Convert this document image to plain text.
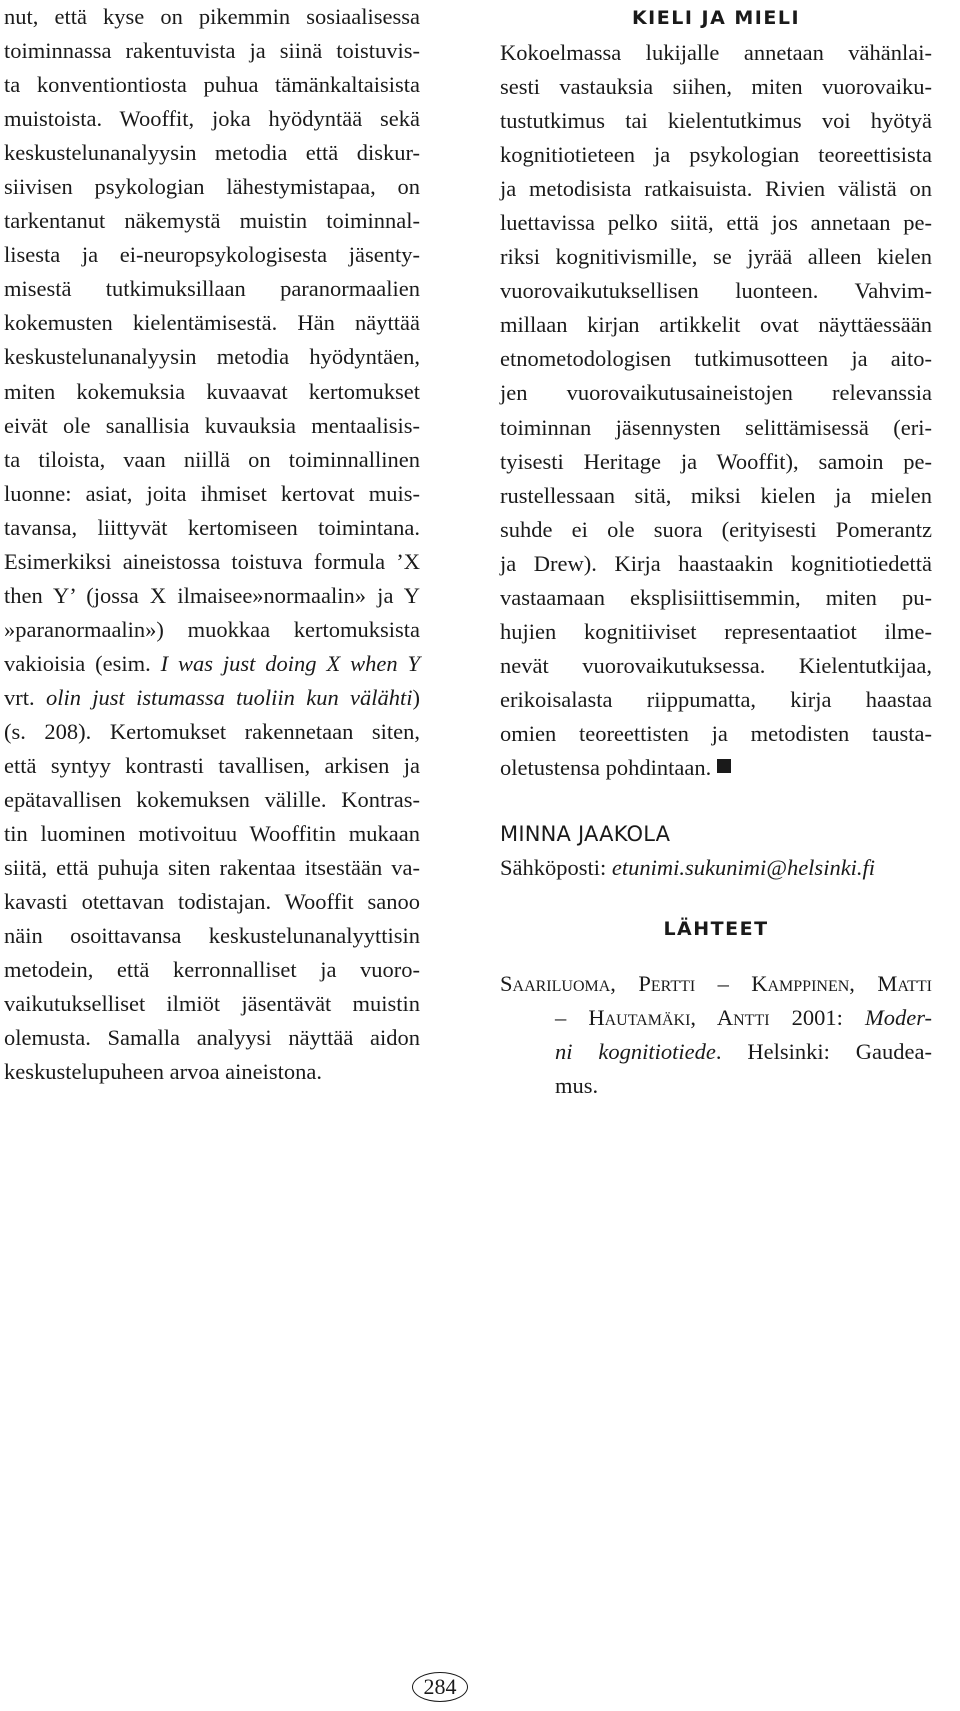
nut, että kyse on pikemmin sosiaalisessa
toiminnassa rakentuvista ja siinä toistuvis-
ta konventiontiosta puhua tämänkaltaisista
muistoista. Wooffit, joka hyödyntää sekä
keskustelunanalyysin metodia että diskur-
siivisen psykologian lähestymistapaa, on
tarkentanut näkemystä muistin toiminnal-
lisesta ja ei-neuropsykologisesta jäsenty-
misestä tutkimuksillaan paranormaalien
kokemusten kielentämisestä. Hän näyttää
keskustelunanalyysin metodia hyödyntäen,
miten kokemuksia kuvaavat kertomukset
eivät ole sanallisia kuvauksia mentaalisis-
ta tiloista, vaan niillä on toiminnallinen
luonne: asiat, joita ihmiset kertovat muis-
tavansa, liittyvät kertomiseen toimintana.
Esimerkiksi aineistossa toistuva formula ’X
then Y’ (jossa X ilmaisee»normaalin» ja Y
»paranormaalin») muokkaa kertomuksista
vakioisia (esim. I was just doing X when Y
vrt. olin just istumassa tuoliin kun välähti)
(s. 208). Kertomukset rakennetaan siten,
että syntyy kontrasti tavallisen, arkisen ja
epätavallisen kokemuksen välille. Kontras-
tin luominen motivoituu Wooffitin mukaan
siitä, että puhuja siten rakentaa itsestään va-
kavasti otettavan todistajan. Wooffit sanoo
näin osoittavansa keskustelunanalyyttisin
metodein, että kerronnalliset ja vuoro-
vaikutukselliset ilmiöt jäsentävät muistin
olemusta. Samalla analyysi näyttää aidon
keskustelupuheen arvoa aineistona.
KIELI JA MIELI
Kokoelmassa lukijalle annetaan vähänlai-
sesti vastauksia siihen, miten vuorovaiku-
tustutkimus tai kielentutkimus voi hyötyä
kognitiotieteen ja psykologian teoreettisista
ja metodisista ratkaisuista. Rivien välistä on
luettavissa pelko siitä, että jos annetaan pe-
riksi kognitivismille, se jyrää alleen kielen
vuorovaikutuksellisen luonteen. Vahvim-
millaan kirjan artikkelit ovat näyttäessään
etnometodologisen tutkimusotteen ja aito-
jen vuorovaikutusaineistojen relevanssia
toiminnan jäsennysten selittämisessä (eri-
tyisesti Heritage ja Wooffit), samoin pe-
rustellessaan sitä, miksi kielen ja mielen
suhde ei ole suora (erityisesti Pomerantz
ja Drew). Kirja haastaakin kognitiotiedettä
vastaamaan eksplisiittisemmin, miten pu-
hujien kognitiiviset representaatiot ilme-
nevät vuorovaikutuksessa. Kielentutkijaa,
erikoisalasta riippumatta, kirja haastaa
omien teoreettisten ja metodisten tausta-
oletustensa pohdintaan.
MINNA JAAKOLA
Sähköposti: etunimi.sukunimi@helsinki.fi
LÄHTEET
Saariluoma, Pertti – Kamppinen, Matti
– Hautamäki, Antti 2001: Moder-
ni kognitiotiede. Helsinki: Gaudea-
mus.
284
